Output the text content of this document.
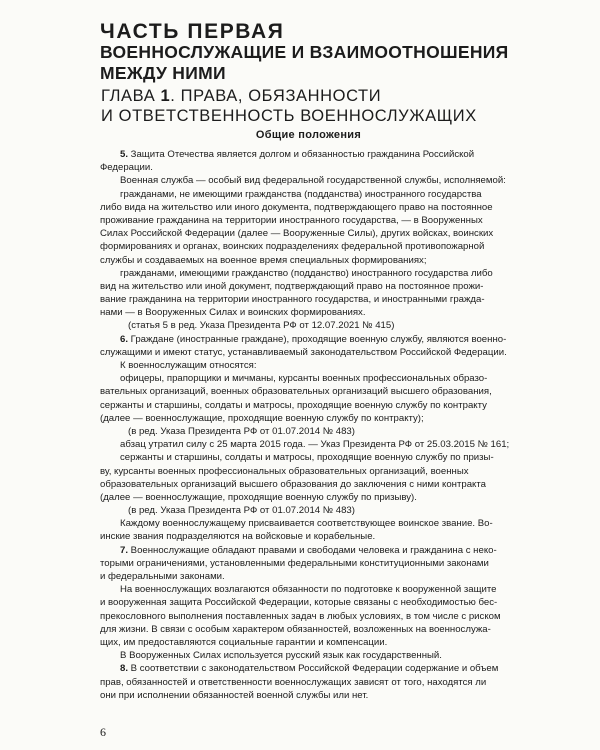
ЧАСТЬ ПЕРВАЯ
ВОЕННОСЛУЖАЩИЕ И ВЗАИМООТНОШЕНИЯ
МЕЖДУ НИМИ
ГЛАВА 1. ПРАВА, ОБЯЗАННОСТИ
И ОТВЕТСТВЕННОСТЬ ВОЕННОСЛУЖАЩИХ
Общие положения
5. Защита Отечества является долгом и обязанностью гражданина Российской
Федерации.
Военная служба — особый вид федеральной государственной службы, исполняемой:
гражданами, не имеющими гражданства (подданства) иностранного государства
либо вида на жительство или иного документа, подтверждающего право на постоянное
проживание гражданина на территории иностранного государства, — в Вооруженных
Силах Российской Федерации (далее — Вооруженные Силы), других войсках, воинских
формированиях и органах, воинских подразделениях федеральной противопожарной
службы и создаваемых на военное время специальных формированиях;
гражданами, имеющими гражданство (подданство) иностранного государства либо
вид на жительство или иной документ, подтверждающий право на постоянное прожи-
вание гражданина на территории иностранного государства, и иностранными гражда-
нами — в Вооруженных Силах и воинских формированиях.
(статья 5 в ред. Указа Президента РФ от 12.07.2021 № 415)
6. Граждане (иностранные граждане), проходящие военную службу, являются военно-
служащими и имеют статус, устанавливаемый законодательством Российской Федерации.
К военнослужащим относятся:
офицеры, прапорщики и мичманы, курсанты военных профессиональных образо-
вательных организаций, военных образовательных организаций высшего образования,
сержанты и старшины, солдаты и матросы, проходящие военную службу по контракту
(далее — военнослужащие, проходящие военную службу по контракту);
(в ред. Указа Президента РФ от 01.07.2014 № 483)
абзац утратил силу с 25 марта 2015 года. — Указ Президента РФ от 25.03.2015 № 161;
сержанты и старшины, солдаты и матросы, проходящие военную службу по призы-
ву, курсанты военных профессиональных образовательных организаций, военных
образовательных организаций высшего образования до заключения с ними контракта
(далее — военнослужащие, проходящие военную службу по призыву).
(в ред. Указа Президента РФ от 01.07.2014 № 483)
Каждому военнослужащему присваивается соответствующее воинское звание. Во-
инские звания подразделяются на войсковые и корабельные.
7. Военнослужащие обладают правами и свободами человека и гражданина с неко-
торыми ограничениями, установленными федеральными конституционными законами
и федеральными законами.
На военнослужащих возлагаются обязанности по подготовке к вооруженной защите
и вооруженная защита Российской Федерации, которые связаны с необходимостью бес-
прекословного выполнения поставленных задач в любых условиях, в том числе с риском
для жизни. В связи с особым характером обязанностей, возложенных на военнослужа-
щих, им предоставляются социальные гарантии и компенсации.
В Вооруженных Силах используется русский язык как государственный.
8. В соответствии с законодательством Российской Федерации содержание и объем
прав, обязанностей и ответственности военнослужащих зависят от того, находятся ли
они при исполнении обязанностей военной службы или нет.
6
